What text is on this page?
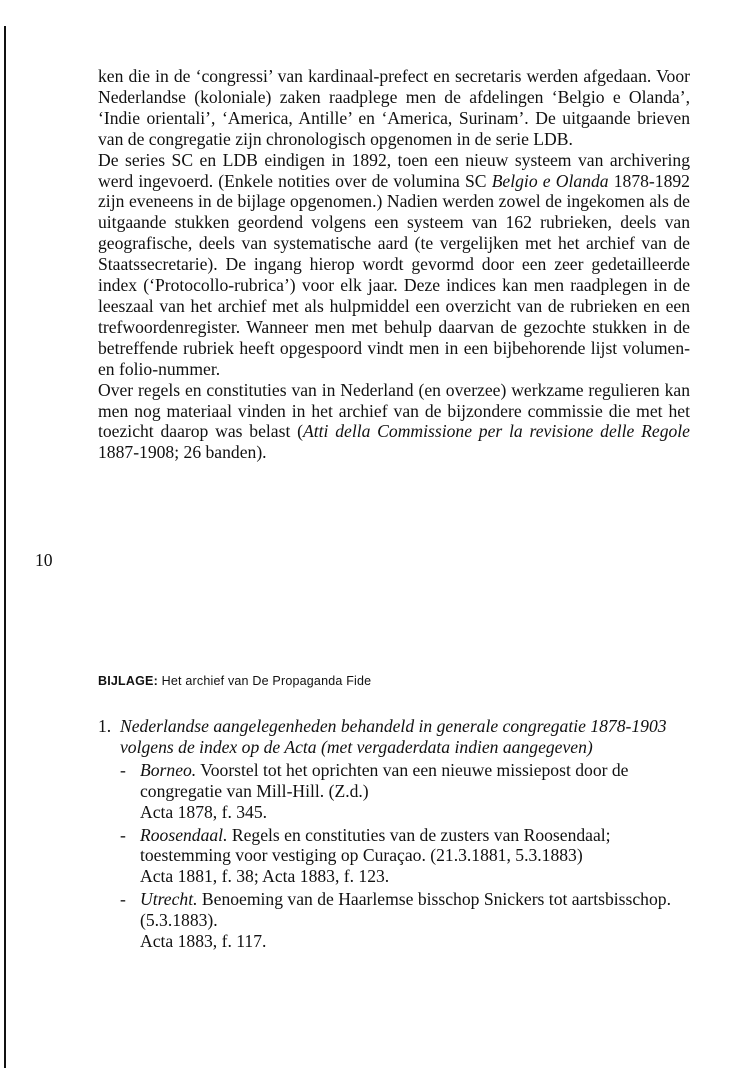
ken die in de ‘congressi’ van kardinaal-prefect en secretaris werden afgedaan. Voor Nederlandse (koloniale) zaken raadplege men de afdelingen ‘Belgio e Olanda’, ‘Indie orientali’, ‘America, Antille’ en ‘America, Surinam’. De uitgaande brieven van de congregatie zijn chronologisch opgenomen in de serie LDB.

De series SC en LDB eindigen in 1892, toen een nieuw systeem van archivering werd ingevoerd. (Enkele notities over de volumina SC Belgio e Olanda 1878-1892 zijn eveneens in de bijlage opgenomen.) Nadien werden zowel de ingekomen als de uitgaande stukken geordend volgens een systeem van 162 rubrieken, deels van geografische, deels van systematische aard (te vergelijken met het archief van de Staatssecretarie). De ingang hierop wordt gevormd door een zeer gedetailleerde index (‘Protocollo-rubrica’) voor elk jaar. Deze indices kan men raadplegen in de leeszaal van het archief met als hulpmiddel een overzicht van de rubrieken en een trefwoordenregister. Wanneer men met behulp daarvan de gezochte stukken in de betreffende rubriek heeft opgespoord vindt men in een bijbehorende lijst volumen- en folio-nummer.

Over regels en constituties van in Nederland (en overzee) werkzame regulieren kan men nog materiaal vinden in het archief van de bijzondere commissie die met het toezicht daarop was belast (Atti della Commissione per la revisione delle Regole 1887-1908; 26 banden).

10
BIJLAGE: Het archief van De Propaganda Fide
1. Nederlandse aangelegenheden behandeld in generale congregatie 1878-1903 volgens de index op de Acta (met vergaderdata indien aangegeven)
- Borneo. Voorstel tot het oprichten van een nieuwe missiepost door de congregatie van Mill-Hill. (Z.d.)
Acta 1878, f. 345.
- Roosendaal. Regels en constituties van de zusters van Roosendaal; toestemming voor vestiging op Curaçao. (21.3.1881, 5.3.1883)
Acta 1881, f. 38; Acta 1883, f. 123.
- Utrecht. Benoeming van de Haarlemse bisschop Snickers tot aartsbisschop. (5.3.1883).
Acta 1883, f. 117.
